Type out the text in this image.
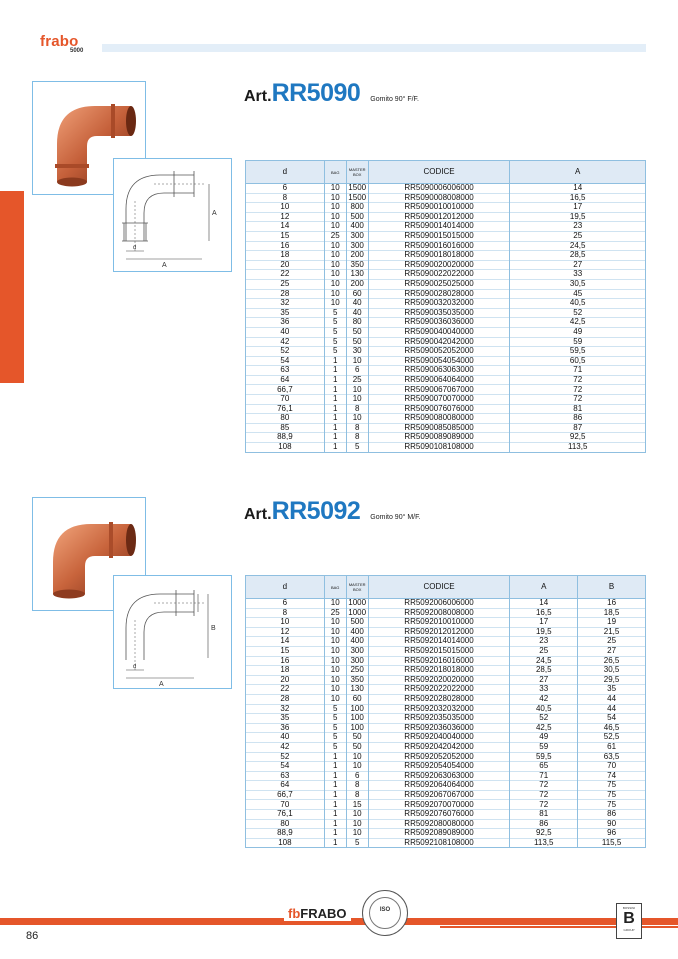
frabo
5000
A
A
d
Art.RR5090 Gomito 90° F/F.
d	BAG	MASTER BOX	CODICE	A
6	10	1500	RR5090006006000	14
8	10	1500	RR5090008008000	16,5
10	10	800	RR5090010010000	17
12	10	500	RR5090012012000	19,5
14	10	400	RR5090014014000	23
15	25	300	RR5090015015000	25
16	10	300	RR5090016016000	24,5
18	10	200	RR5090018018000	28,5
20	10	350	RR5090020020000	27
22	10	130	RR5090022022000	33
25	10	200	RR5090025025000	30,5
28	10	60	RR5090028028000	45
32	10	40	RR5090032032000	40,5
35	5	40	RR5090035035000	52
36	5	80	RR5090036036000	42,5
40	5	50	RR5090040040000	49
42	5	50	RR5090042042000	59
52	5	30	RR5090052052000	59,5
54	1	10	RR5090054054000	60,5
63	1	6	RR5090063063000	71
64	1	25	RR5090064064000	72
66,7	1	10	RR5090067067000	72
70	1	10	RR5090070070000	72
76,1	1	8	RR5090076076000	81
80	1	10	RR5090080080000	86
85	1	8	RR5090085085000	87
88,9	1	8	RR5090089089000	92,5
108	1	5	RR5090108108000	113,5
B
A
d
Art.RR5092 Gomito 90° M/F.
d	BAG	MASTER BOX	CODICE	A	B
6	10	1000	RR5092006006000	14	16
8	25	1000	RR5092008008000	16,5	18,5
10	10	500	RR5092010010000	17	19
12	10	400	RR5092012012000	19,5	21,5
14	10	400	RR5092014014000	23	25
15	10	300	RR5092015015000	25	27
16	10	300	RR5092016016000	24,5	26,5
18	10	250	RR5092018018000	28,5	30,5
20	10	350	RR5092020020000	27	29,5
22	10	130	RR5092022022000	33	35
28	10	60	RR5092028028000	42	44
32	5	100	RR5092032032000	40,5	44
35	5	100	RR5092035035000	52	54
36	5	100	RR5092036036000	42,5	46,5
40	5	50	RR5092040040000	49	52,5
42	5	50	RR5092042042000	59	61
52	1	10	RR5092052052000	59,5	63,5
54	1	10	RR5092054054000	65	70
63	1	6	RR5092063063000	71	74
64	1	8	RR5092064064000	72	75
66,7	1	8	RR5092067067000	72	75
70	1	15	RR5092070070000	72	75
76,1	1	10	RR5092076076000	81	86
80	1	10	RR5092080080000	86	90
88,9	1	10	RR5092089089000	92,5	96
108	1	5	RR5092108108000	113,5	115,5
fbFRABO	ISO	BOSSINI
B
GROUP
86
